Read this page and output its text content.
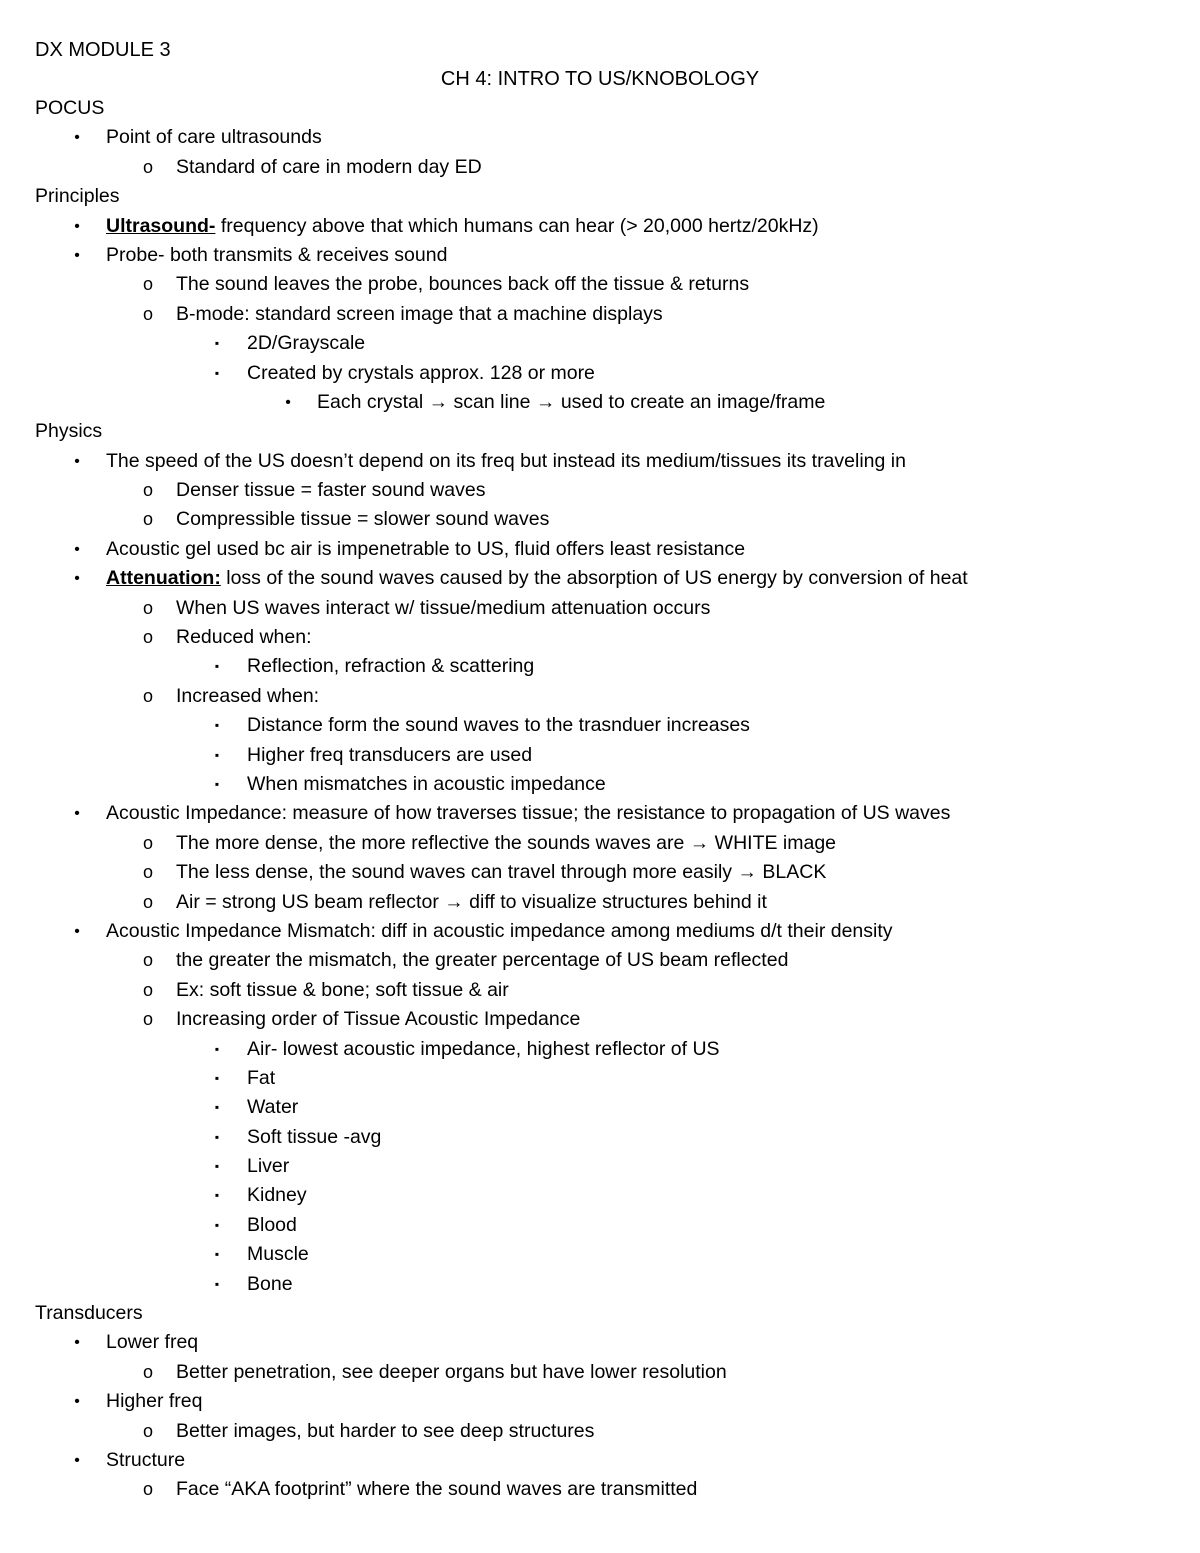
DX MODULE 3
CH 4: INTRO TO US/KNOBOLOGY
POCUS
•	Point of care ultrasounds
o	Standard of care in modern day ED
Principles
•	Ultrasound- frequency above that which humans can hear (> 20,000 hertz/20kHz)
•	Probe- both transmits & receives sound
o	The sound leaves the probe, bounces back off the tissue & returns
o	B-mode: standard screen image that a machine displays
▪	2D/Grayscale
▪	Created by crystals approx. 128 or more
•	Each crystal → scan line → used to create an image/frame
Physics
•	The speed of the US doesn’t depend on its freq but instead its medium/tissues its traveling in
o	Denser tissue = faster sound waves
o	Compressible tissue = slower sound waves
•	Acoustic gel used bc air is impenetrable to US, fluid offers least resistance
•	Attenuation: loss of the sound waves caused by the absorption of US energy by conversion of heat
o	When US waves interact w/ tissue/medium attenuation occurs
o	Reduced when:
▪	Reflection, refraction & scattering
o	Increased when:
▪	Distance form the sound waves to the trasnduer increases
▪	Higher freq transducers are used
▪	When mismatches in acoustic impedance
•	Acoustic Impedance: measure of how traverses tissue; the resistance to propagation of US waves
o	The more dense, the more reflective the sounds waves are → WHITE image
o	The less dense, the sound waves can travel through more easily → BLACK
o	Air = strong US beam reflector → diff to visualize structures behind it
•	Acoustic Impedance Mismatch: diff in acoustic impedance among mediums d/t their density
o	the greater the mismatch, the greater percentage of US beam reflected
o	Ex: soft tissue & bone; soft tissue & air
o	Increasing order of Tissue Acoustic Impedance
▪	Air- lowest acoustic impedance, highest reflector of US
▪	Fat
▪	Water
▪	Soft tissue -avg
▪	Liver
▪	Kidney
▪	Blood
▪	Muscle
▪	Bone
Transducers
•	Lower freq
o	Better penetration, see deeper organs but have lower resolution
•	Higher freq
o	Better images, but harder to see deep structures
•	Structure
o	Face “AKA footprint” where the sound waves are transmitted
